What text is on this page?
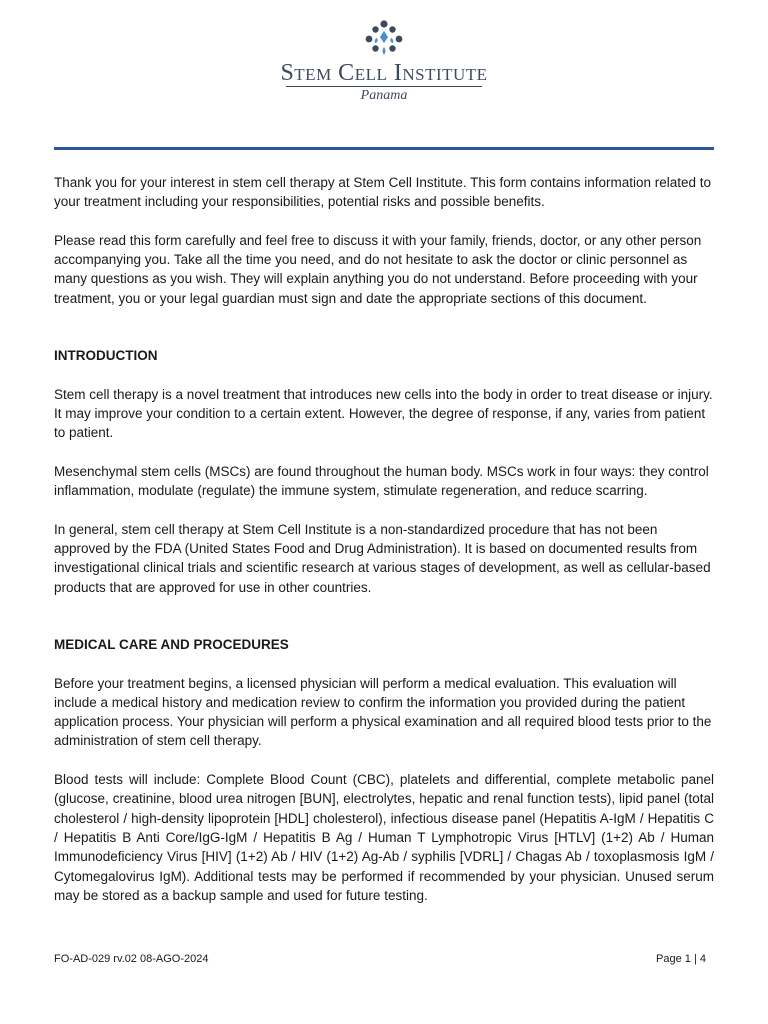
Stem Cell Institute
Panama

Thank you for your interest in stem cell therapy at Stem Cell Institute. This form contains information related to your treatment including your responsibilities, potential risks and possible benefits.

Please read this form carefully and feel free to discuss it with your family, friends, doctor, or any other person accompanying you. Take all the time you need, and do not hesitate to ask the doctor or clinic personnel as many questions as you wish. They will explain anything you do not understand. Before proceeding with your treatment, you or your legal guardian must sign and date the appropriate sections of this document.

INTRODUCTION

Stem cell therapy is a novel treatment that introduces new cells into the body in order to treat disease or injury. It may improve your condition to a certain extent. However, the degree of response, if any, varies from patient to patient.

Mesenchymal stem cells (MSCs) are found throughout the human body. MSCs work in four ways: they control inflammation, modulate (regulate) the immune system, stimulate regeneration, and reduce scarring.

In general, stem cell therapy at Stem Cell Institute is a non-standardized procedure that has not been approved by the FDA (United States Food and Drug Administration). It is based on documented results from investigational clinical trials and scientific research at various stages of development, as well as cellular-based products that are approved for use in other countries.

MEDICAL CARE AND PROCEDURES

Before your treatment begins, a licensed physician will perform a medical evaluation. This evaluation will include a medical history and medication review to confirm the information you provided during the patient application process. Your physician will perform a physical examination and all required blood tests prior to the administration of stem cell therapy.

Blood tests will include: Complete Blood Count (CBC), platelets and differential, complete metabolic panel (glucose, creatinine, blood urea nitrogen [BUN], electrolytes, hepatic and renal function tests), lipid panel (total cholesterol / high-density lipoprotein [HDL] cholesterol), infectious disease panel (Hepatitis A-IgM / Hepatitis C / Hepatitis B Anti Core/IgG-IgM / Hepatitis B Ag / Human T Lymphotropic Virus [HTLV] (1+2) Ab / Human Immunodeficiency Virus [HIV] (1+2) Ab / HIV (1+2) Ag-Ab / syphilis [VDRL] / Chagas Ab / toxoplasmosis IgM / Cytomegalovirus IgM). Additional tests may be performed if recommended by your physician. Unused serum may be stored as a backup sample and used for future testing.

FO-AD-029 rv.02 08-AGO-2024	Page 1 | 4
